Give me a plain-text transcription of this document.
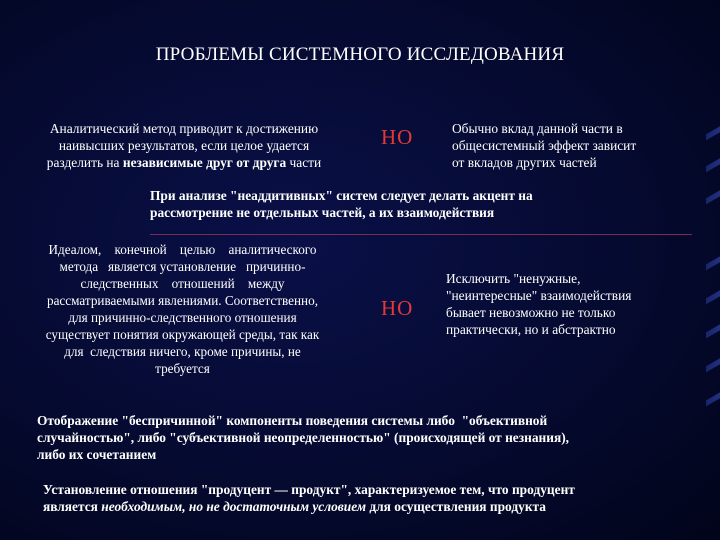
ПРОБЛЕМЫ СИСТЕМНОГО ИССЛЕДОВАНИЯ
Аналитический метод приводит к достижению
наивысших результатов, если целое удается
разделить на независимые друг от друга части
НО	Обычно вклад данной части в
общесистемный эффект зависит
от вкладов других частей
При анализе "неаддитивных" систем следует делать акцент на
рассмотрение не отдельных частей, а их взаимодействия
Идеалом,    конечной    целью    аналитического
метода   является установление   причинно-
следственных    отношений    между
рассматриваемыми явлениями. Соответственно,
для причинно-следственного отношения
существует понятия окружающей среды, так как
для  следствия ничего, кроме причины, не
требуется
НО
Исключить "ненужные,
"неинтересные" взаимодействия
бывает невозможно не только
практически, но и абстрактно
Отображение "беспричинной" компоненты поведения системы либо  "объективной
случайностью", либо "субъективной неопределенностью" (происходящей от незнания),
либо их сочетанием
Установление отношения "продуцент — продукт", характеризуемое тем, что продуцент
является необходимым, но не достаточным условием для осуществления продукта
